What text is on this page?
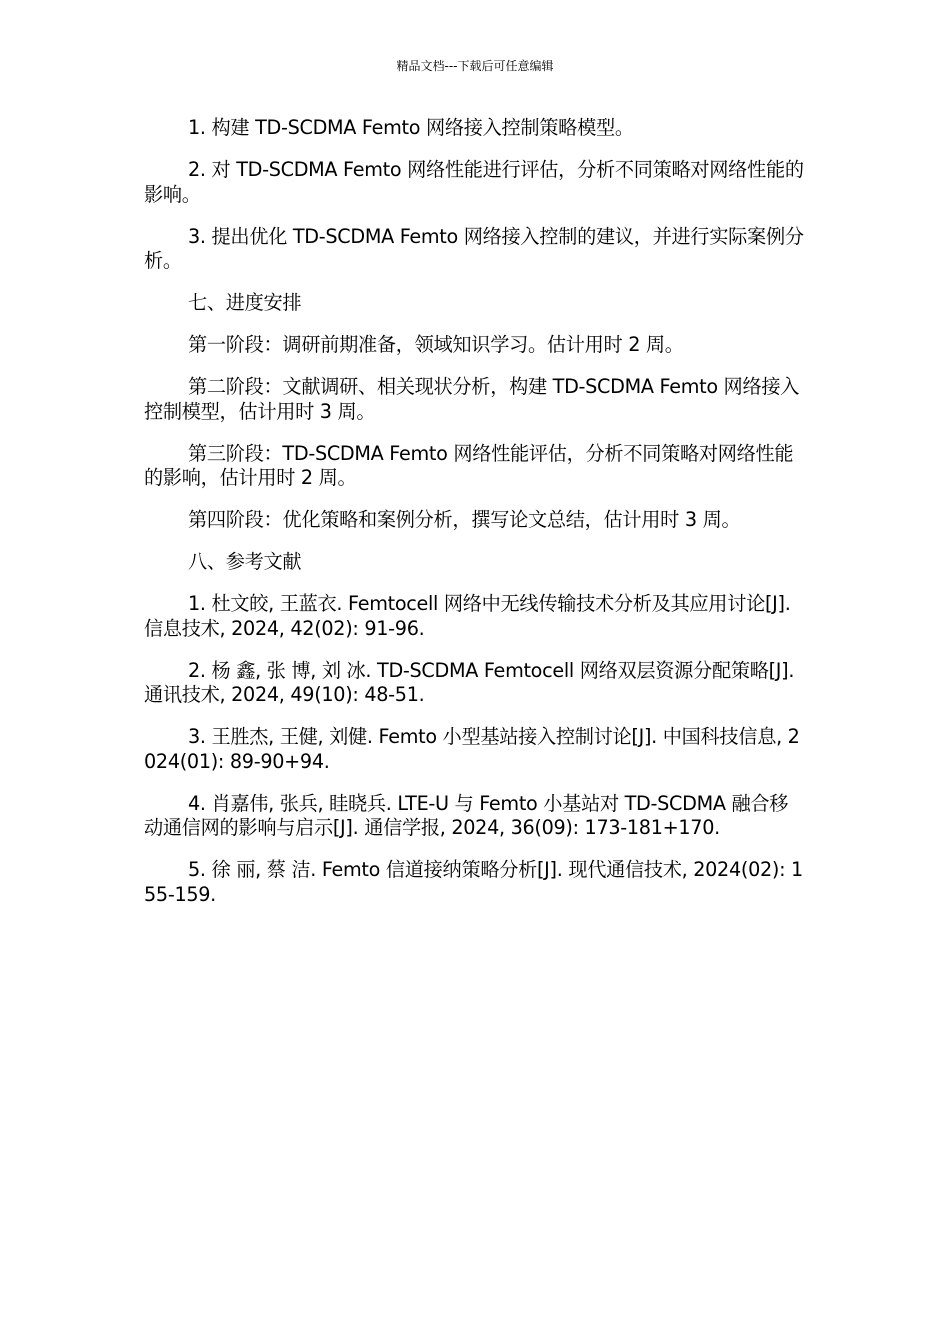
精品文档---下载后可任意编辑

1. 构建 TD-SCDMA Femto 网络接入控制策略模型。

2. 对 TD-SCDMA Femto 网络性能进行评估，分析不同策略对网络性能的影响。

3. 提出优化 TD-SCDMA Femto 网络接入控制的建议，并进行实际案例分析。

七、进度安排

第一阶段：调研前期准备，领域知识学习。估计用时 2 周。

第二阶段：文献调研、相关现状分析，构建 TD-SCDMA Femto 网络接入控制模型，估计用时 3 周。

第三阶段：TD-SCDMA Femto 网络性能评估，分析不同策略对网络性能的影响，估计用时 2 周。

第四阶段：优化策略和案例分析，撰写论文总结，估计用时 3 周。

八、参考文献

1. 杜文皎, 王蓝衣. Femtocell 网络中无线传输技术分析及其应用讨论[J]. 信息技术, 2024, 42(02): 91-96.

2. 杨 鑫, 张 博, 刘 冰. TD-SCDMA Femtocell 网络双层资源分配策略[J]. 通讯技术, 2024, 49(10): 48-51.

3. 王胜杰, 王健, 刘健. Femto 小型基站接入控制讨论[J]. 中国科技信息, 2024(01): 89-90+94.

4. 肖嘉伟, 张兵, 眭晓兵. LTE-U 与 Femto 小基站对 TD-SCDMA 融合移动通信网的影响与启示[J]. 通信学报, 2024, 36(09): 173-181+170.

5. 徐 丽, 蔡 洁. Femto 信道接纳策略分析[J]. 现代通信技术, 2024(02): 155-159.
